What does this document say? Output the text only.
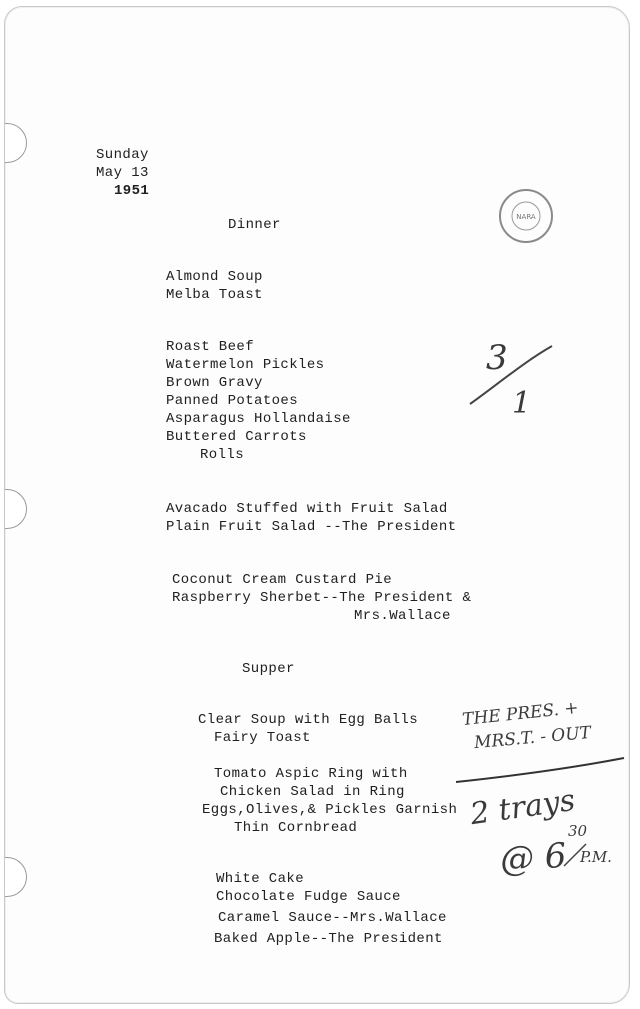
Sunday
May 13
1951
NARA
Dinner
Almond Soup
Melba Toast
Roast Beef
Watermelon Pickles
Brown Gravy
Panned Potatoes
Asparagus Hollandaise
Buttered Carrots
Rolls
Avacado Stuffed with Fruit Salad
Plain Fruit Salad --The President
Coconut Cream Custard Pie
Raspberry Sherbet--The President &
Mrs.Wallace
Supper
Clear Soup with Egg Balls
Fairy Toast
Tomato Aspic Ring with
Chicken Salad in Ring
Eggs,Olives,& Pickles Garnish
Thin Cornbread
White Cake
Chocolate Fudge Sauce
Caramel Sauce--Mrs.Wallace
Baked Apple--The President
3
1
THE PRES. +
MRS.T. - OUT
2 trays
@ 6
30
P.M.
